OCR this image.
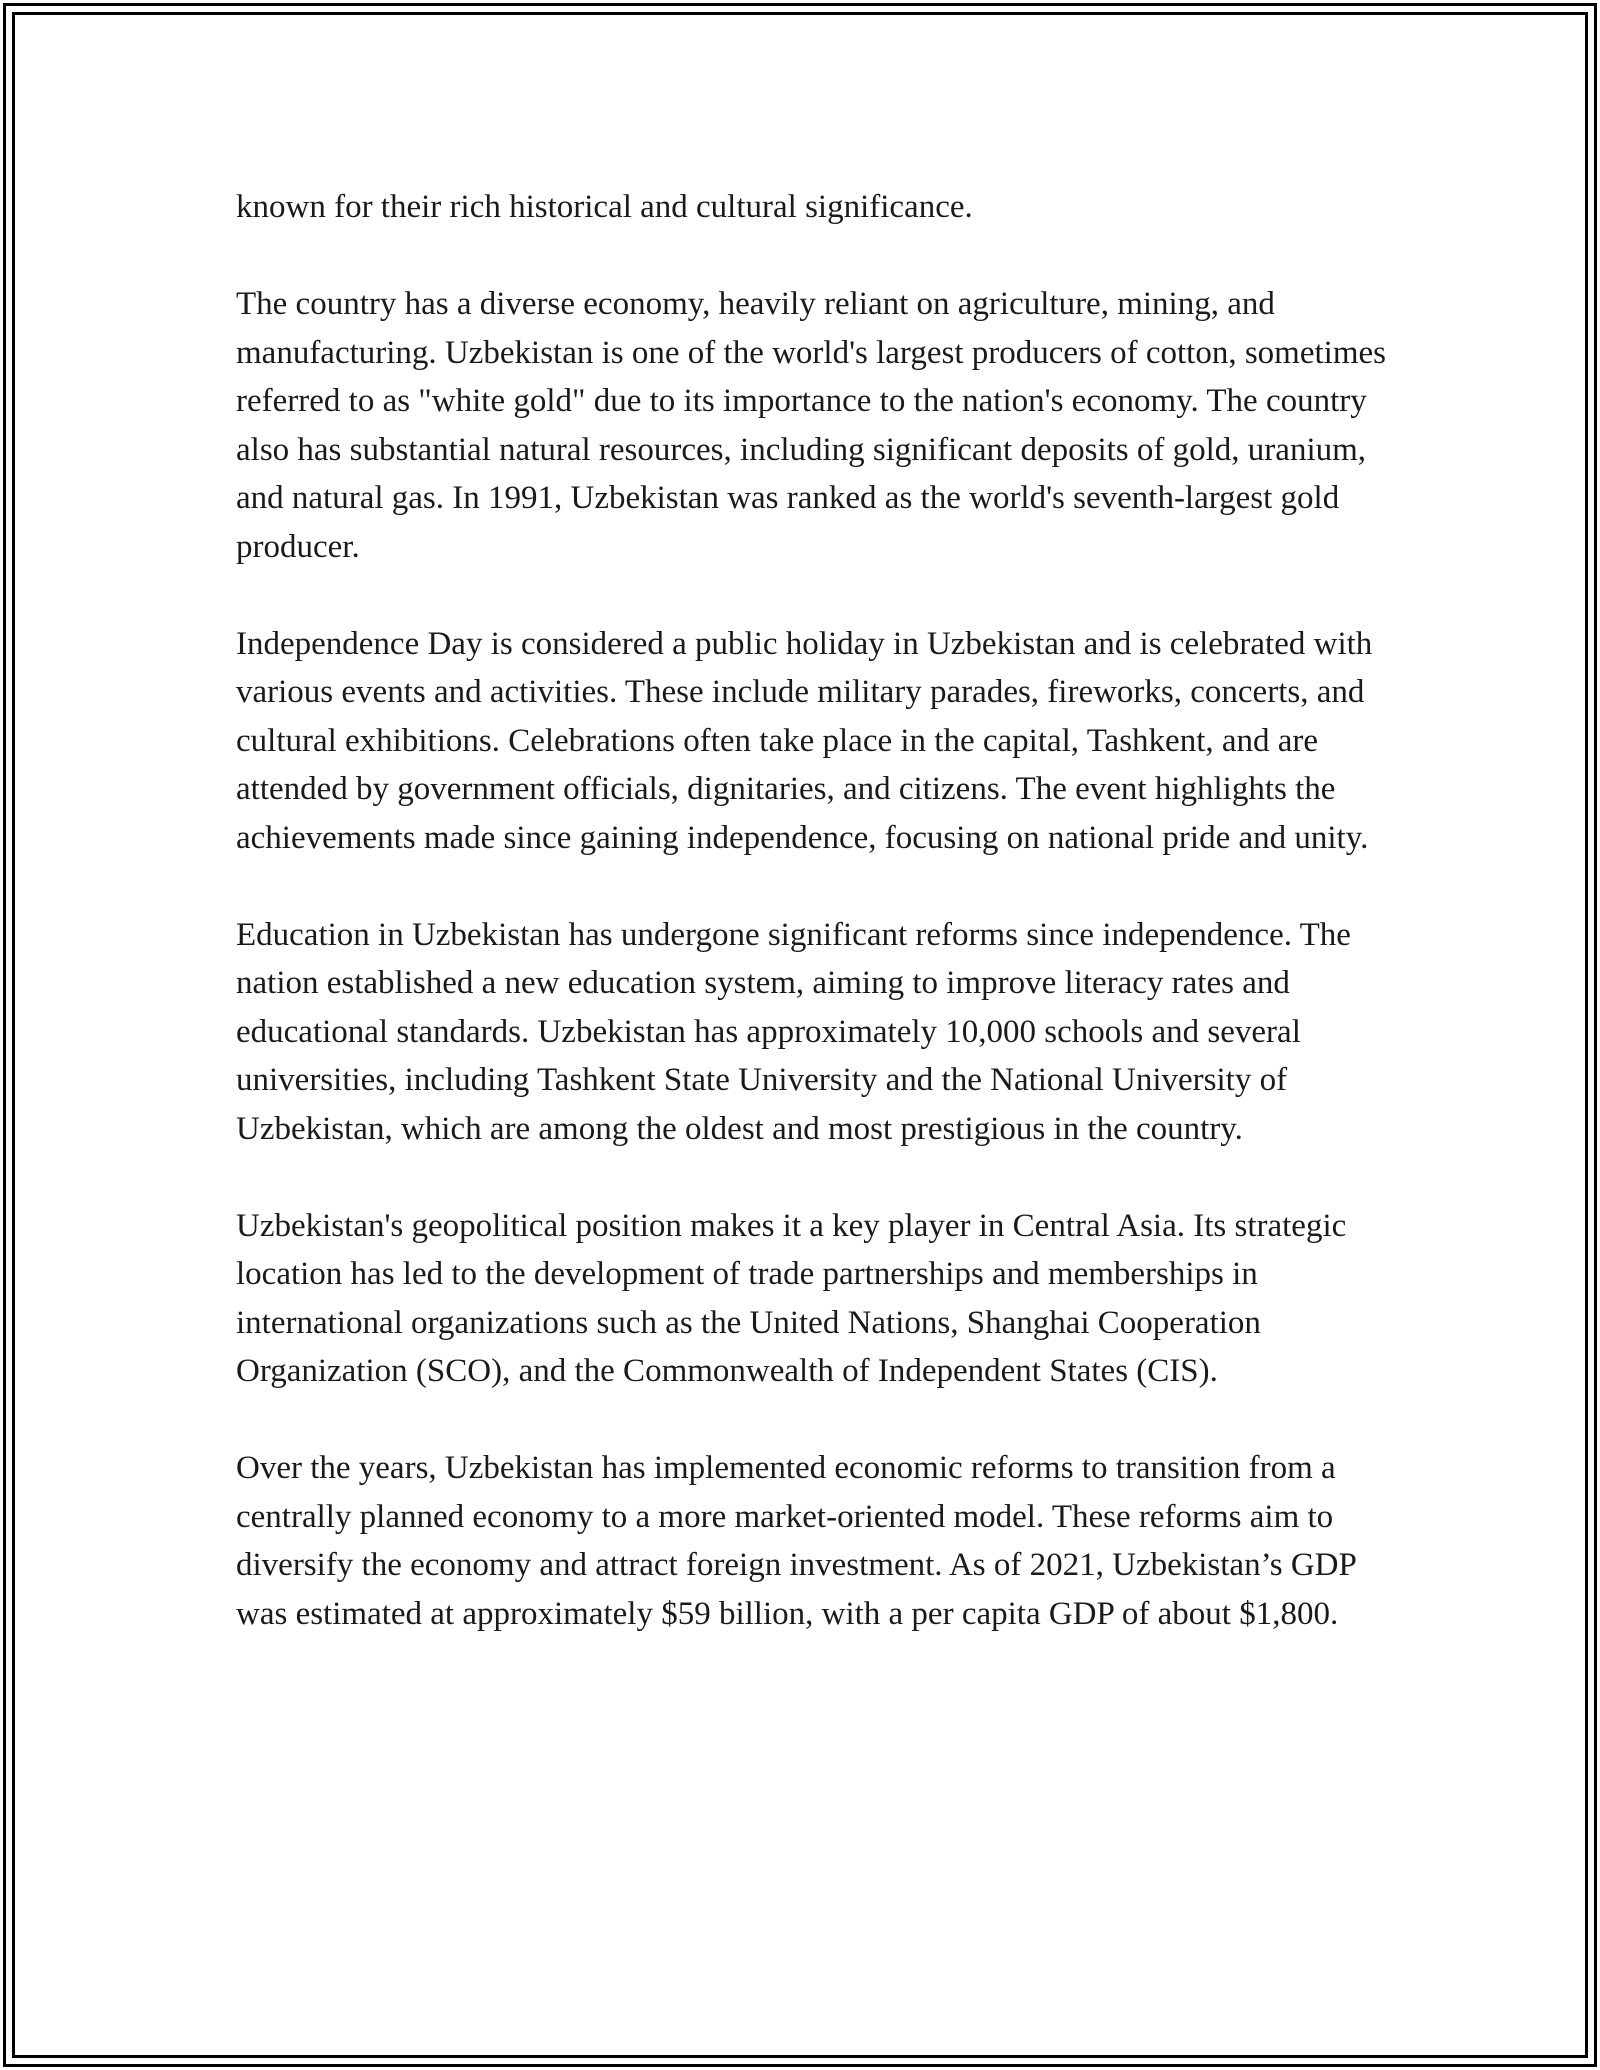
known for their rich historical and cultural significance.

The country has a diverse economy, heavily reliant on agriculture, mining, and manufacturing. Uzbekistan is one of the world's largest producers of cotton, sometimes referred to as "white gold" due to its importance to the nation's economy. The country also has substantial natural resources, including significant deposits of gold, uranium, and natural gas. In 1991, Uzbekistan was ranked as the world's seventh-largest gold producer.

Independence Day is considered a public holiday in Uzbekistan and is celebrated with various events and activities. These include military parades, fireworks, concerts, and cultural exhibitions. Celebrations often take place in the capital, Tashkent, and are attended by government officials, dignitaries, and citizens. The event highlights the achievements made since gaining independence, focusing on national pride and unity.

Education in Uzbekistan has undergone significant reforms since independence. The nation established a new education system, aiming to improve literacy rates and educational standards. Uzbekistan has approximately 10,000 schools and several universities, including Tashkent State University and the National University of Uzbekistan, which are among the oldest and most prestigious in the country.

Uzbekistan's geopolitical position makes it a key player in Central Asia. Its strategic location has led to the development of trade partnerships and memberships in international organizations such as the United Nations, Shanghai Cooperation Organization (SCO), and the Commonwealth of Independent States (CIS).

Over the years, Uzbekistan has implemented economic reforms to transition from a centrally planned economy to a more market-oriented model. These reforms aim to diversify the economy and attract foreign investment. As of 2021, Uzbekistan’s GDP was estimated at approximately $59 billion, with a per capita GDP of about $1,800.
